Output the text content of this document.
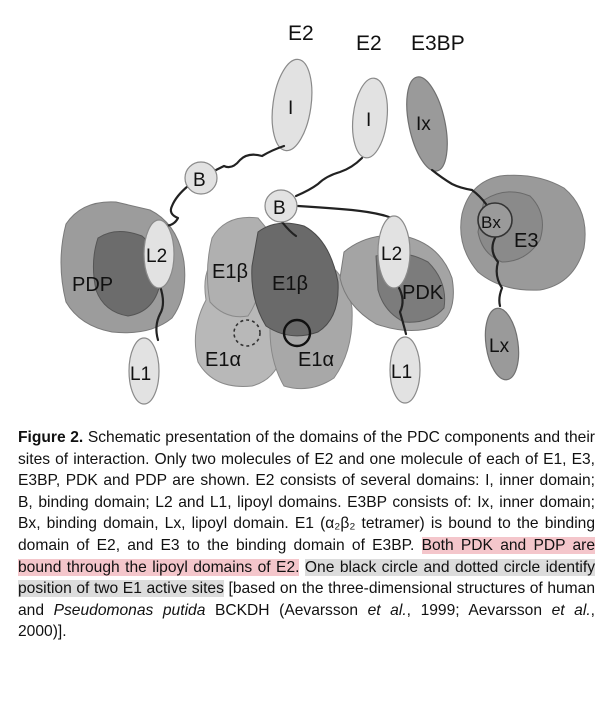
PDP
E1β
E1β
E1α	E1α
PDK
E3
E2 E2 E3BP
I
I Ix
B
B
Bx
L2
L1
L2
L1
Lx

Figure 2. Schematic presentation of the domains of the PDC components and their sites of interaction. Only two molecules of E2 and one molecule of each of E1, E3, E3BP, PDK and PDP are shown. E2 consists of several domains: I, inner domain; B, binding domain; L2 and L1, lipoyl domains. E3BP consists of: Ix, inner domain; Bx, binding domain, Lx, lipoyl domain. E1 (α₂β₂ tetramer) is bound to the binding domain of E2, and E3 to the binding domain of E3BP. Both PDK and PDP are bound through the lipoyl domains of E2. One black circle and dotted circle identify position of two E1 active sites [based on the three-dimensional structures of human and Pseudomonas putida BCKDH (Aevarsson et al., 1999; Aevarsson et al., 2000)].
